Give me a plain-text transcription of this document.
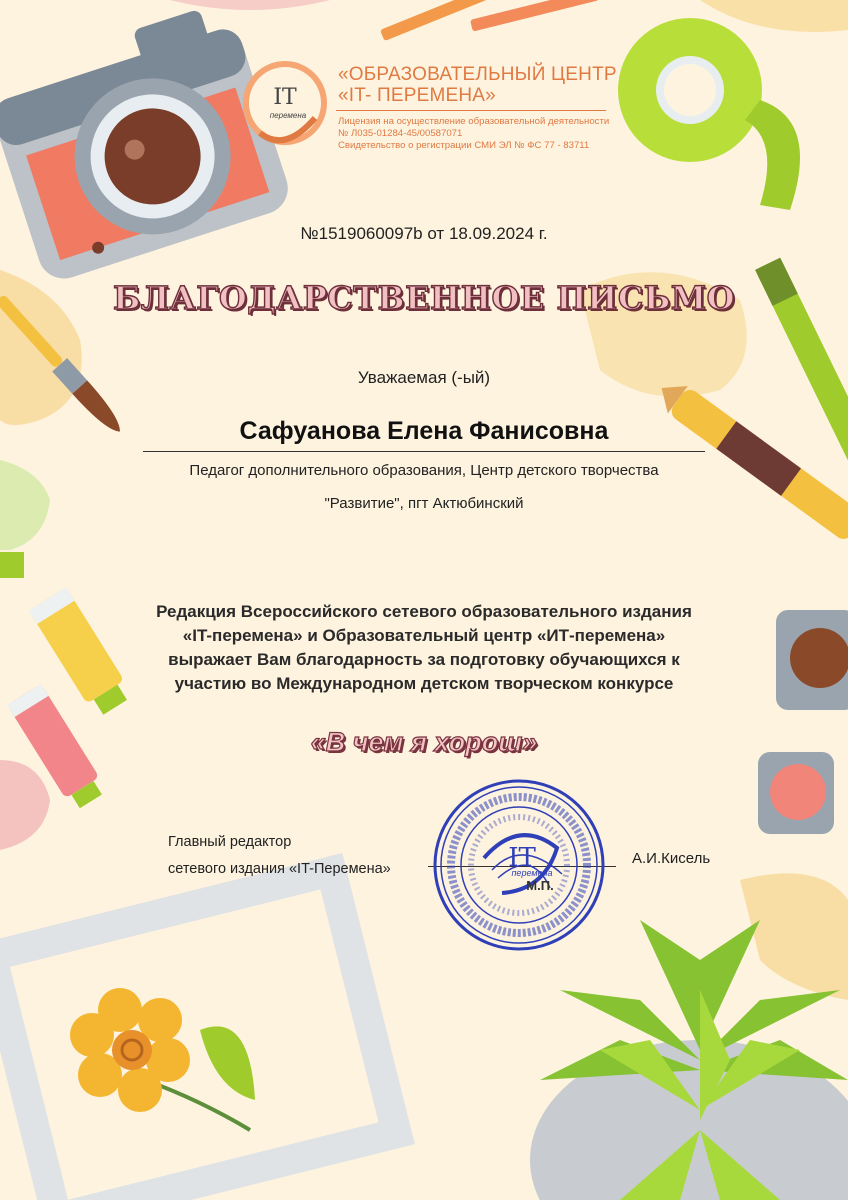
IT
перемена
«ОБРАЗОВАТЕЛЬНЫЙ ЦЕНТР
«IT- ПЕРЕМЕНА»
Лицензия на осуществление образовательной деятельности
№ Л035-01284-45/00587071
Свидетельство о регистрации СМИ ЭЛ № ФС 77 - 83711
№1519060097b от 18.09.2024 г.
БЛАГОДАРСТВЕННОЕ ПИСЬМО
Уважаемая (-ый)
Сафуанова Елена Фанисовна
Педагог дополнительного образования, Центр детского творчества
"Развитие", пгт Актюбинский
Редакция Всероссийского сетевого образовательного издания
«IT-перемена» и Образовательный центр «ИТ-перемена»
выражает Вам благодарность за подготовку обучающихся к
участию во Международном детском творческом конкурсе
«В чем я хорош»
Главный редактор
сетевого издания «IT-Перемена»
А.И.Кисель
IT
перемена
М.П.
